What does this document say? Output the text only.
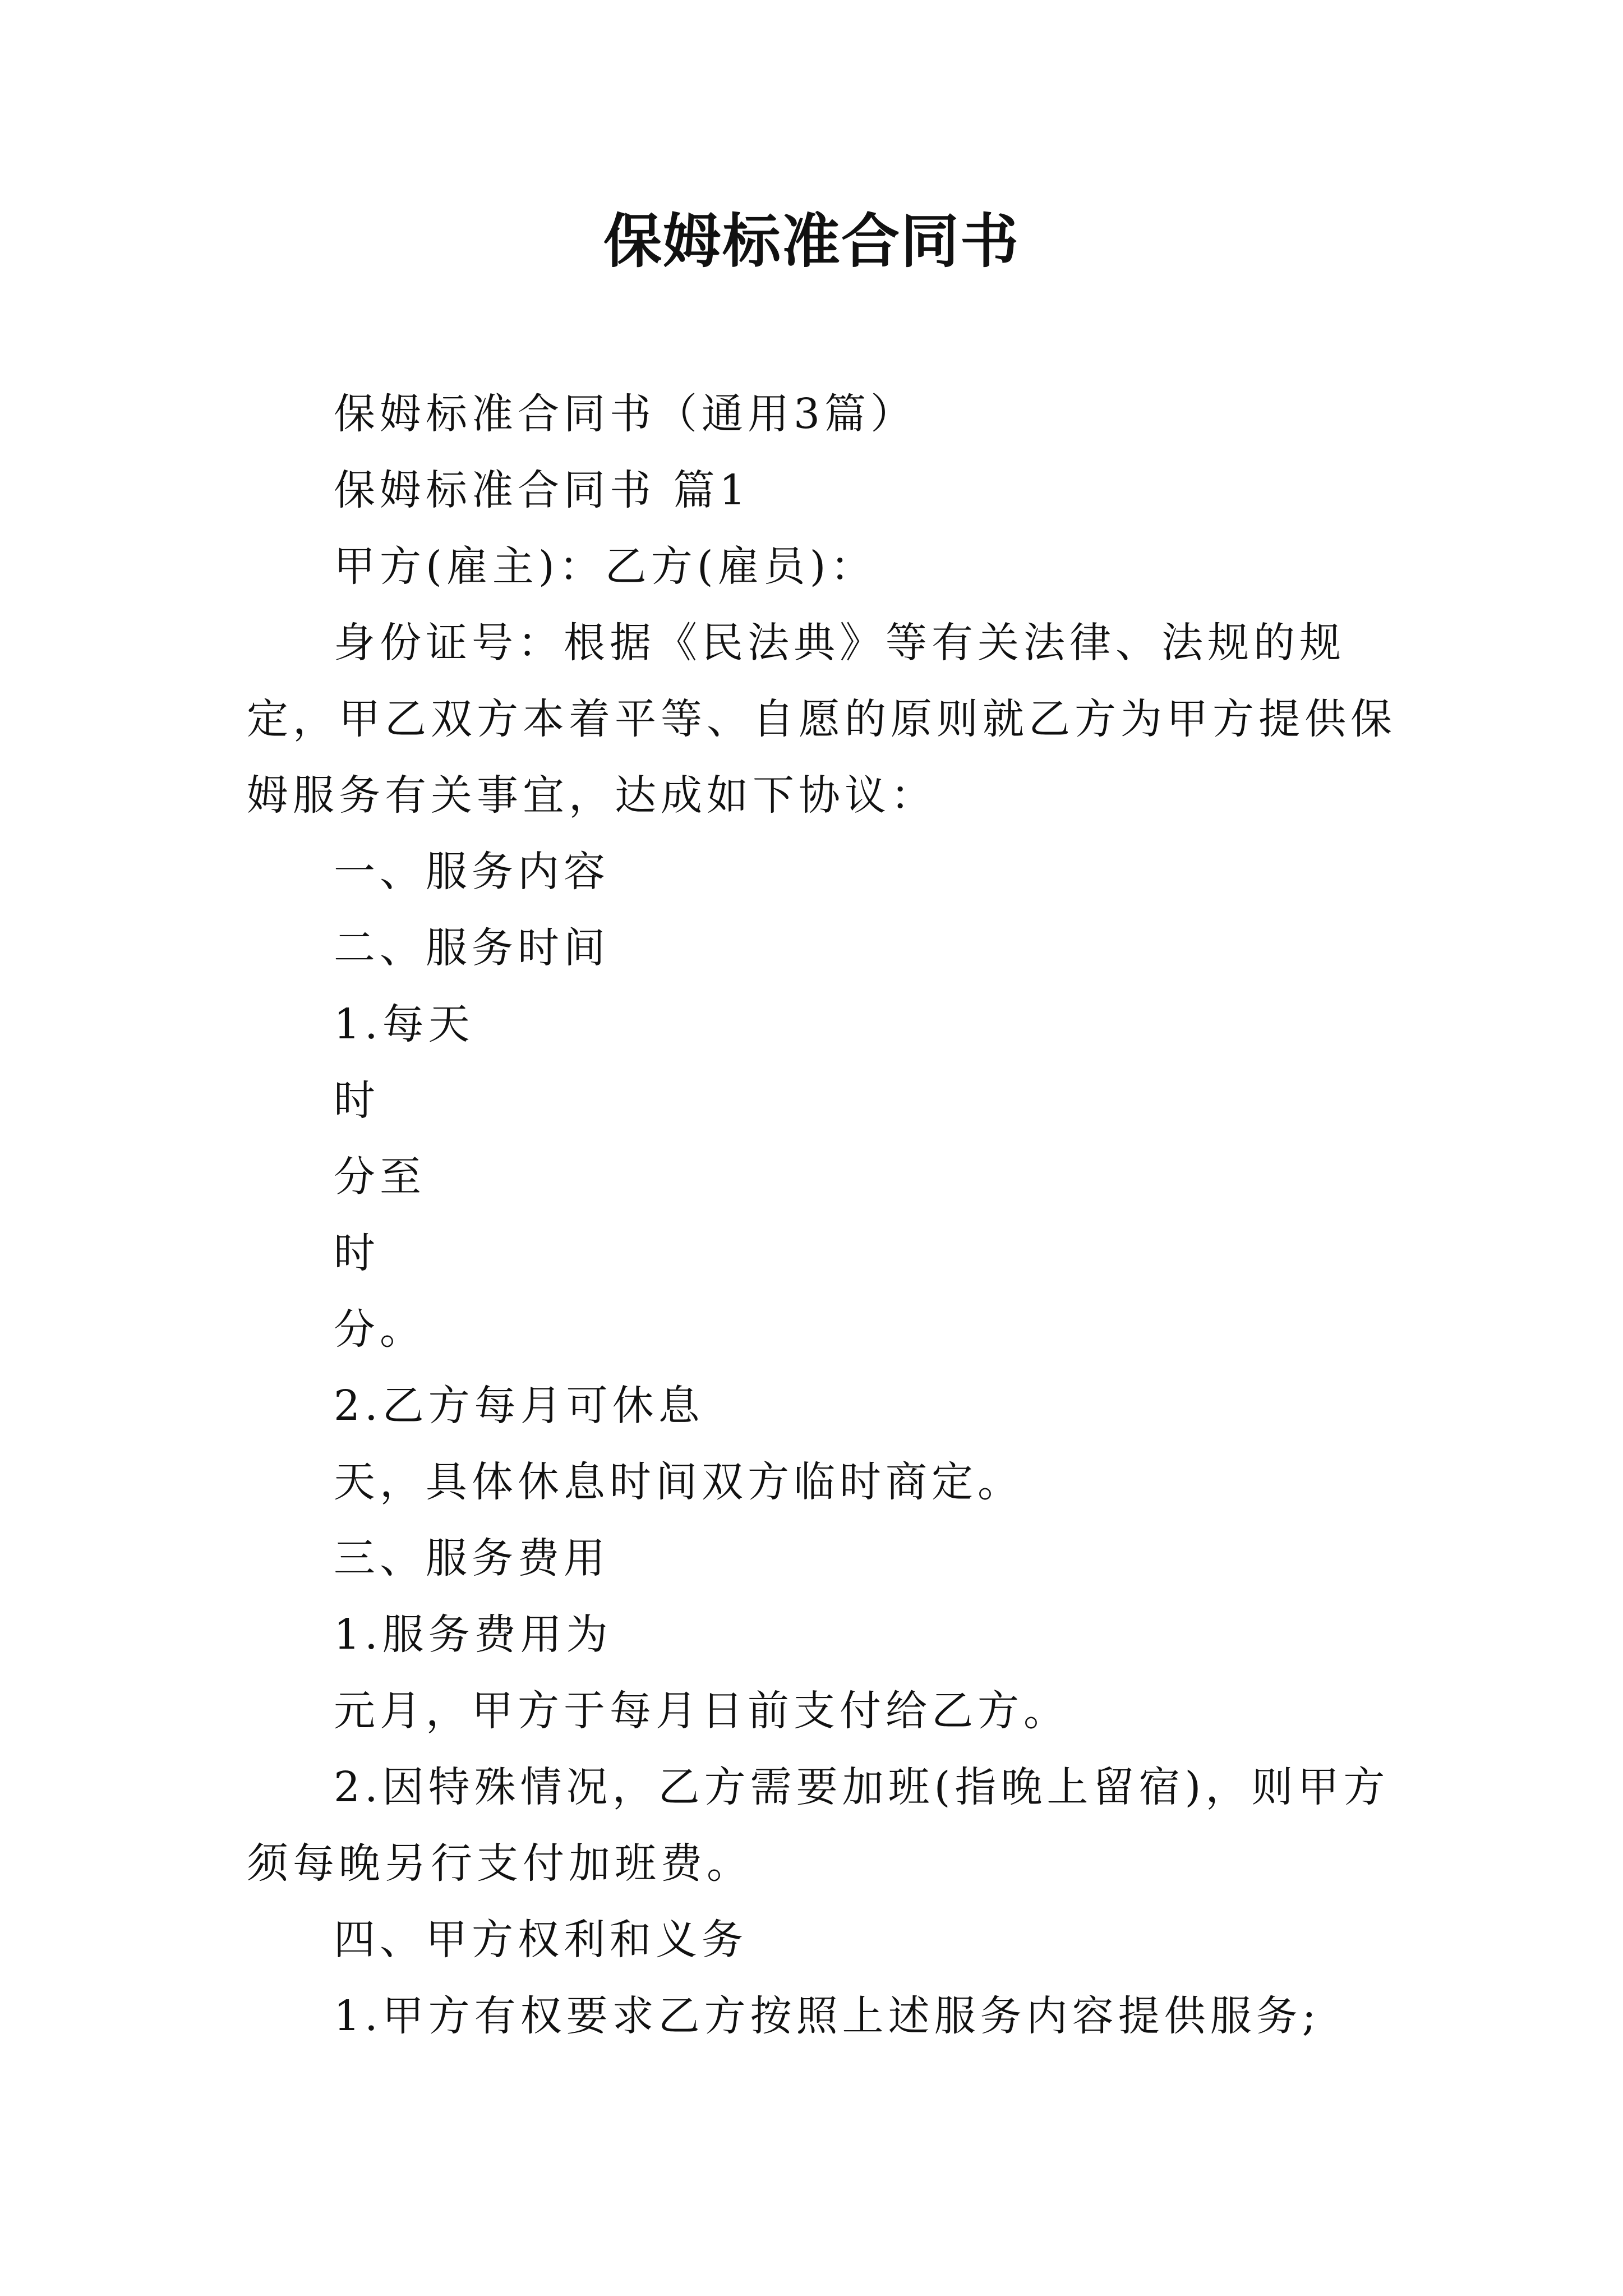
保姆标准合同书

保姆标准合同书（通用3篇）

保姆标准合同书 篇1

甲方(雇主)：乙方(雇员)：

身份证号：根据《民法典》等有关法律、法规的规定，甲乙双方本着平等、自愿的原则就乙方为甲方提供保姆服务有关事宜，达成如下协议：

一、服务内容

二、服务时间

1.每天

时

分至

时

分。

2.乙方每月可休息

天，具体休息时间双方临时商定。

三、服务费用

1.服务费用为

元月，甲方于每月日前支付给乙方。

2.因特殊情况，乙方需要加班(指晚上留宿)，则甲方须每晚另行支付加班费。

四、甲方权利和义务

1.甲方有权要求乙方按照上述服务内容提供服务;
